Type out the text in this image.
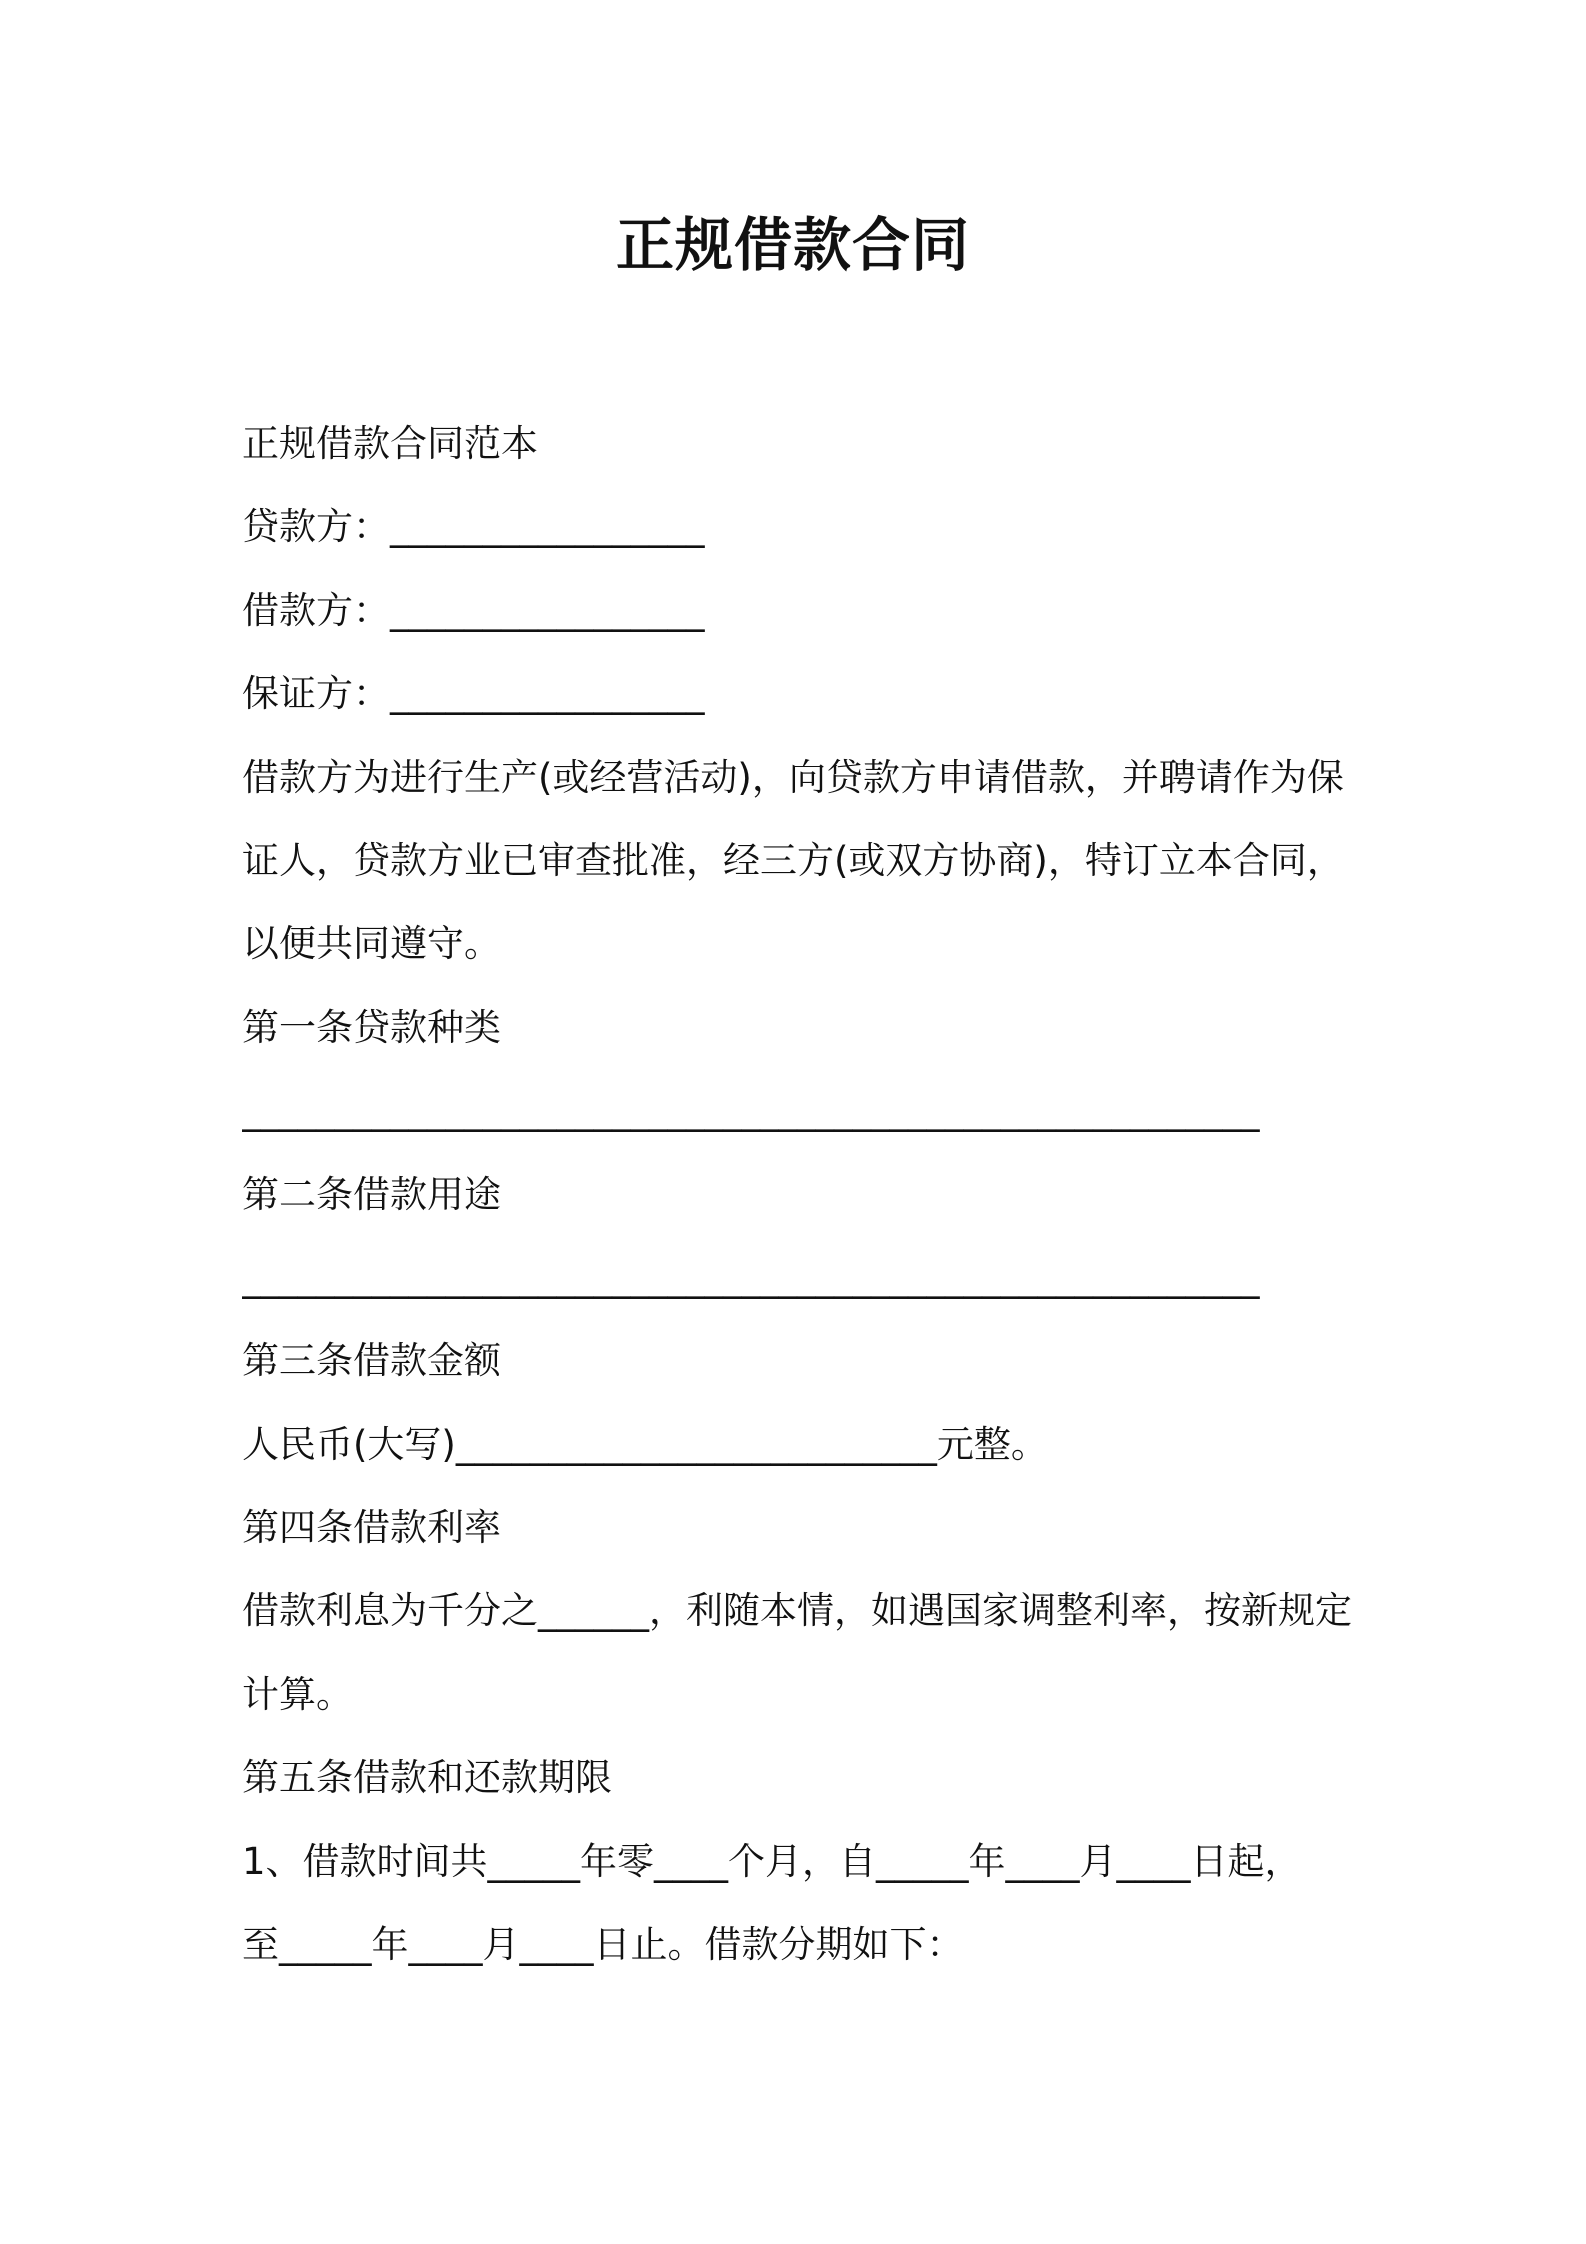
正规借款合同
正规借款合同范本
贷款方：_________________
借款方：_________________
保证方：_________________
借款方为进行生产(或经营活动)，向贷款方申请借款，并聘请作为保
证人，贷款方业已审查批准，经三方(或双方协商)，特订立本合同，
以便共同遵守。
第一条贷款种类
_______________________________________________________
第二条借款用途
_______________________________________________________
第三条借款金额
人民币(大写)__________________________元整。
第四条借款利率
借款利息为千分之______，利随本情，如遇国家调整利率，按新规定
计算。
第五条借款和还款期限
1、借款时间共_____年零____个月，自_____年____月____日起，
至_____年____月____日止。借款分期如下：
